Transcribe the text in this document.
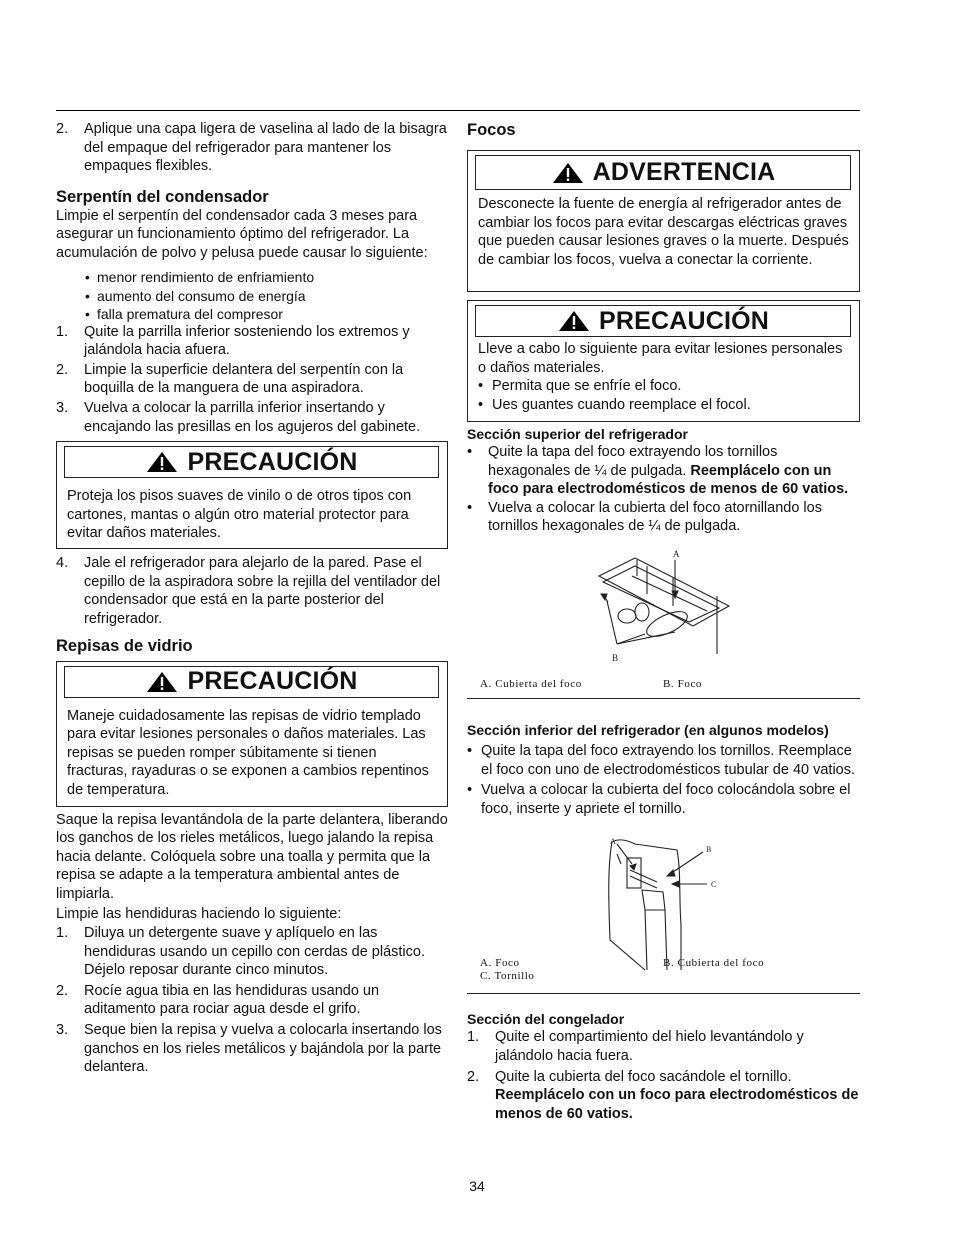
2. Aplique una capa ligera de vaselina al lado de la bisagra del empaque del refrigerador para mantener los empaques flexibles.
Serpentín del condensador

Limpie el serpentín del condensador cada 3 meses para asegurar un funcionamiento óptimo del refrigerador. La acumulación de polvo y pelusa puede causar lo siguiente:

• menor rendimiento de enfriamiento
• aumento del consumo de energía
• falla prematura del compresor
1. Quite la parrilla inferior sosteniendo los extremos y jalándola hacia afuera.
2. Limpie la superficie delantera del serpentín con la boquilla de la manguera de una aspiradora.
3. Vuelva a colocar la parrilla inferior insertando y encajando las presillas en los agujeros del gabinete.
PRECAUCIÓN

Proteja los pisos suaves de vinilo o de otros tipos con cartones, mantas o algún otro material protector para evitar daños materiales.

4. Jale el refrigerador para alejarlo de la pared. Pase el cepillo de la aspiradora sobre la rejilla del ventilador del condensador que está en la parte posterior del refrigerador.
Repisas de vidrio
PRECAUCIÓN

Maneje cuidadosamente las repisas de vidrio templado para evitar lesiones personales o daños materiales. Las repisas se pueden romper súbitamente si tienen fracturas, rayaduras o se exponen a cambios repentinos de temperatura.

Saque la repisa levantándola de la parte delantera, liberando los ganchos de los rieles metálicos, luego jalando la repisa hacia delante. Colóquela sobre una toalla y permita que la repisa se adapte a la temperatura ambiental antes de limpiarla.

Limpie las hendiduras haciendo lo siguiente:

1. Diluya un detergente suave y aplíquelo en las hendiduras usando un cepillo con cerdas de plástico. Déjelo reposar durante cinco minutos.
2. Rocíe agua tibia en las hendiduras usando un aditamento para rociar agua desde el grifo.
3. Seque bien la repisa y vuelva a colocarla insertando los ganchos en los rieles metálicos y bajándola por la parte delantera.
Focos
ADVERTENCIA

Desconecte la fuente de energía al refrigerador antes de cambiar los focos para evitar descargas eléctricas graves que pueden causar lesiones graves o la muerte. Después de cambiar los focos, vuelva a conectar la corriente.

PRECAUCIÓN

Lleve a cabo lo siguiente para evitar lesiones personales o daños materiales.

• Permita que se enfríe el foco.
• Ues guantes cuando reemplace el focol.
Sección superior del refrigerador
• Quite la tapa del foco extrayendo los tornillos hexagonales de ¼ de pulgada. Reemplácelo con un foco para electrodomésticos de menos de 60 vatios.
• Vuelva a colocar la cubierta del foco atornillando los tornillos hexagonales de ¼ de pulgada.
A
B
A. Cubierta del foco	B. Foco
Sección inferior del refrigerador (en algunos modelos)
• Quite la tapa del foco extrayendo los tornillos. Reemplace el foco con uno de electrodomésticos tubular de 40 vatios.
• Vuelva a colocar la cubierta del foco colocándola sobre el foco, inserte y apriete el tornillo.
A
B
C
A. Foco	B. Cubierta del foco
C. Tornillo
Sección del congelador
1. Quite el compartimiento del hielo levantándolo y jalándolo hacia fuera.
2. Quite la cubierta del foco sacándole el tornillo. Reemplácelo con un foco para electrodomésticos de menos de 60 vatios.
34
